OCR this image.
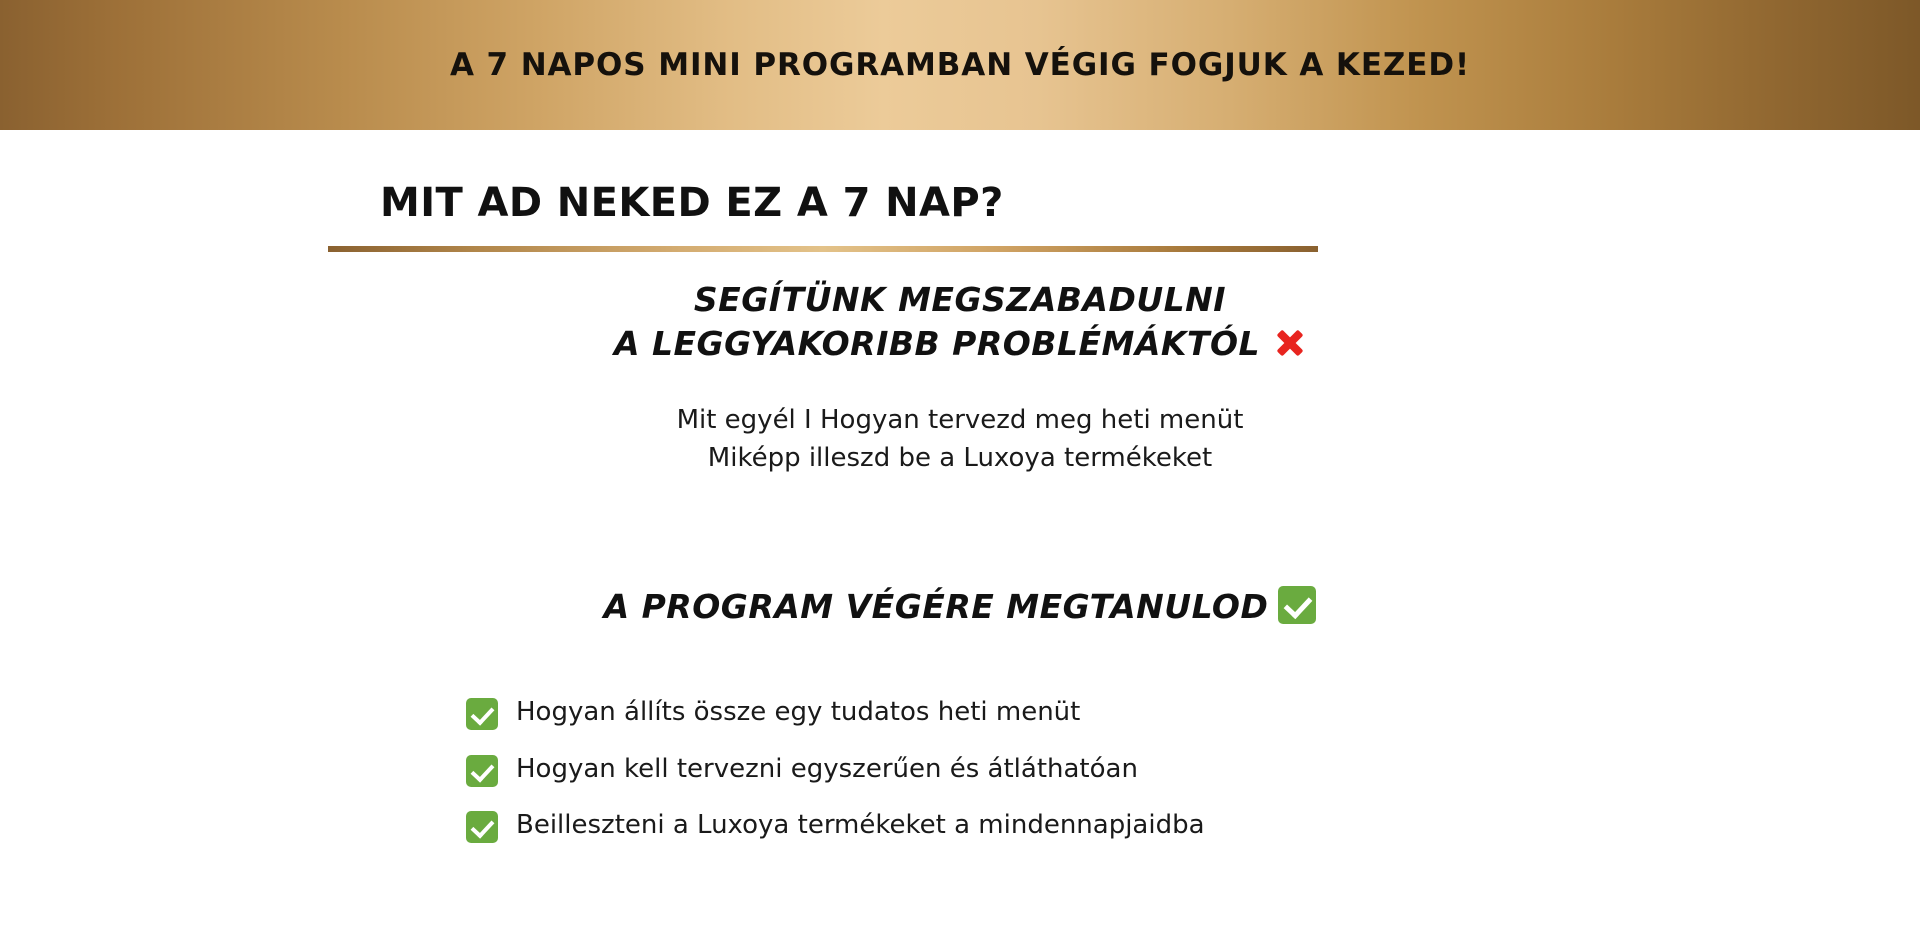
A 7 NAPOS MINI PROGRAMBAN VÉGIG FOGJUK A KEZED!
MIT AD NEKED EZ A 7 NAP?
SEGÍTÜNK MEGSZABADULNI
A LEGGYAKORIBB PROBLÉMÁKTÓL
Mit egyél I Hogyan tervezd meg heti menüt
Miképp illeszd be a Luxoya termékeket
A PROGRAM VÉGÉRE MEGTANULOD
Hogyan állíts össze egy tudatos heti menüt
Hogyan kell tervezni egyszerűen és átláthatóan
Beilleszteni a Luxoya termékeket a mindennapjaidba
